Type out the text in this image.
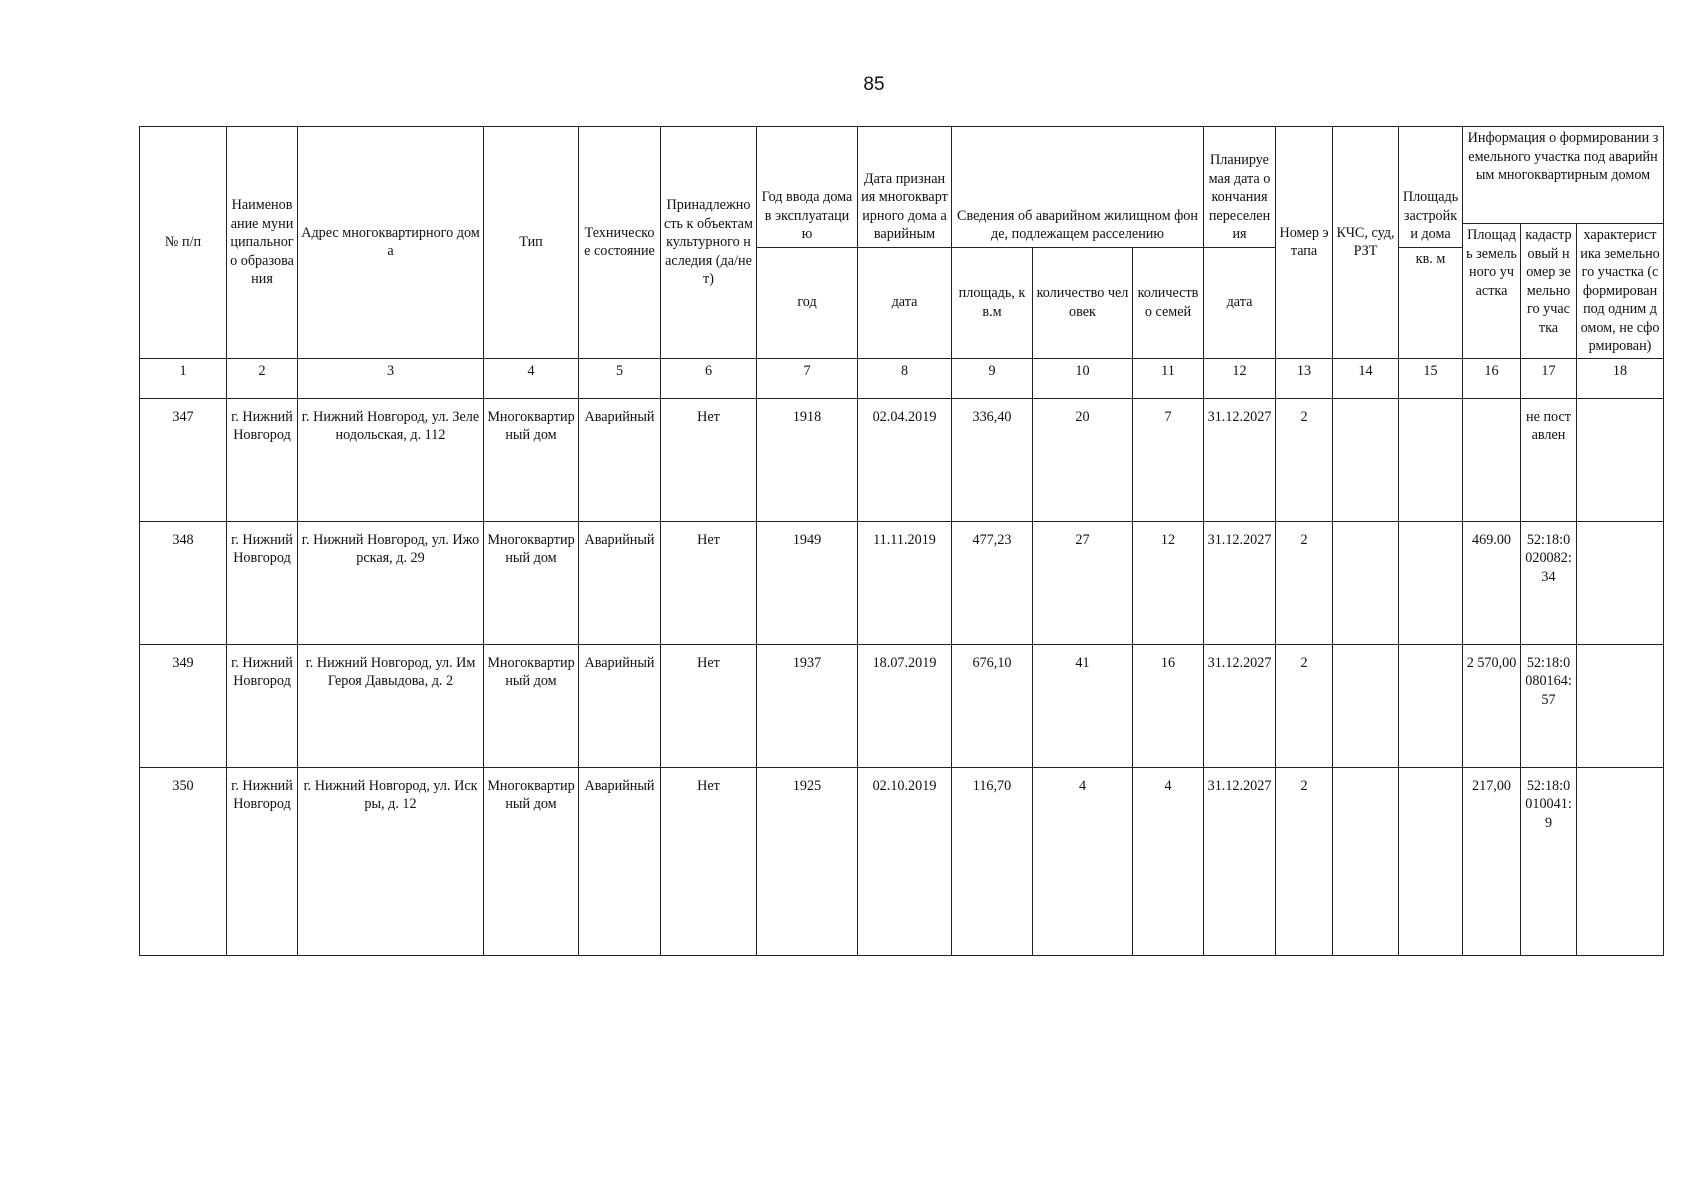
85
№ п/п	Наименование муниципального образования	Адрес многоквартирного дома	Тип	Техническое состояние	Принадлежность к объектам культурного наследия (да/нет)	Год ввода дома в эксплуатацию	Дата признания многоквартирного дома аварийным	Сведения об аварийном жилищном фонде, подлежащем расселению			Планируемая дата окончания переселения	Номер этапа	КЧС, суд, РЗТ	Площадь застройки дома	Информация о формировании земельного участка под аварийным многоквартирным домом		
															Площадь земельного участка	кадастровый номер земельного участка	характеристика земельного участка (сформирован под одним домом, не сформирован)
						год	дата	площадь, кв.м	количество человек	количество семей	дата			кв. м			
1	2	3	4	5	6	7	8	9	10	11	12	13	14	15	16	17	18
347	г. Нижний Новгород	г. Нижний Новгород, ул. Зеленодольская, д. 112	Многоквартирный дом	Аварийный	Нет	1918	02.04.2019	336,40	20	7	31.12.2027	2				не поставлен	
348	г. Нижний Новгород	г. Нижний Новгород, ул. Ижорская, д. 29	Многоквартирный дом	Аварийный	Нет	1949	11.11.2019	477,23	27	12	31.12.2027	2			469.00	52:18:0020082:34	
349	г. Нижний Новгород	г. Нижний Новгород, ул. Им Героя Давыдова, д. 2	Многоквартирный дом	Аварийный	Нет	1937	18.07.2019	676,10	41	16	31.12.2027	2			2 570,00	52:18:0080164:57	
350	г. Нижний Новгород	г. Нижний Новгород, ул. Искры, д. 12	Многоквартирный дом	Аварийный	Нет	1925	02.10.2019	116,70	4	4	31.12.2027	2			217,00	52:18:0010041:9	
